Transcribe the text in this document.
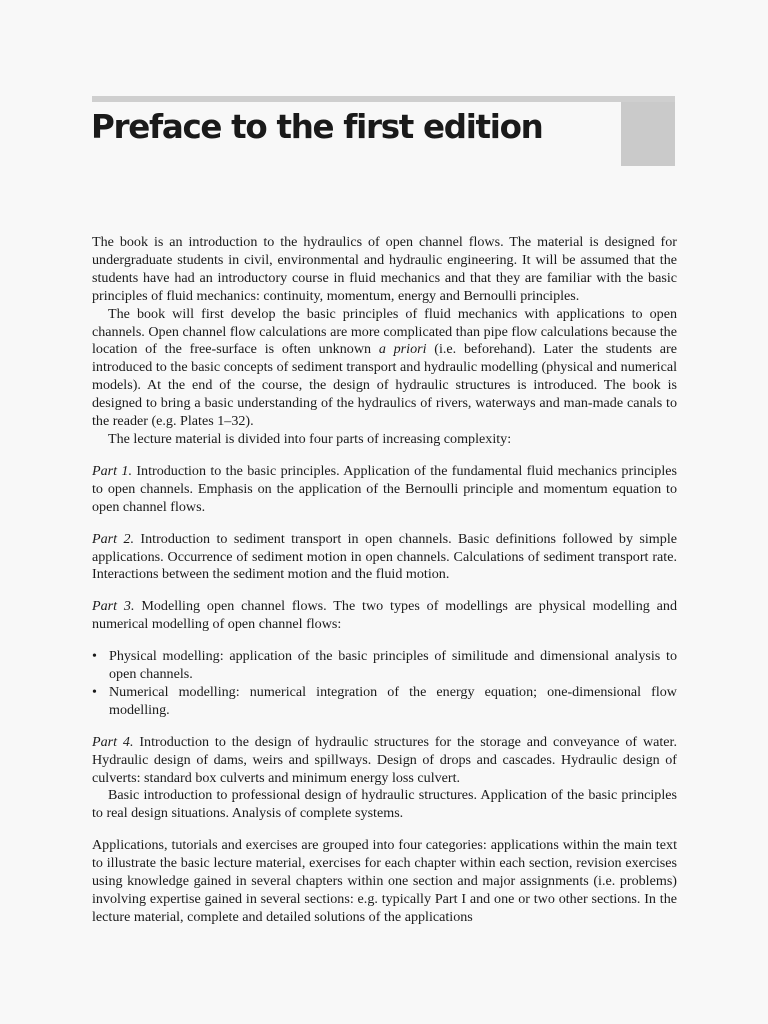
Preface to the first edition

The book is an introduction to the hydraulics of open channel flows. The material is designed for undergraduate students in civil, environmental and hydraulic engineering. It will be assumed that the students have had an introductory course in fluid mechanics and that they are familiar with the basic principles of fluid mechanics: continuity, momentum, energy and Bernoulli principles.

The book will first develop the basic principles of fluid mechanics with applications to open channels. Open channel flow calculations are more complicated than pipe flow calculations because the location of the free-surface is often unknown a priori (i.e. beforehand). Later the students are introduced to the basic concepts of sediment transport and hydraulic modelling (physical and numerical models). At the end of the course, the design of hydraulic structures is introduced. The book is designed to bring a basic understanding of the hydraulics of rivers, waterways and man-made canals to the reader (e.g. Plates 1–32).

The lecture material is divided into four parts of increasing complexity:

Part 1. Introduction to the basic principles. Application of the fundamental fluid mechanics principles to open channels. Emphasis on the application of the Bernoulli principle and momentum equation to open channel flows.

Part 2. Introduction to sediment transport in open channels. Basic definitions followed by simple applications. Occurrence of sediment motion in open channels. Calculations of sediment transport rate. Interactions between the sediment motion and the fluid motion.

Part 3. Modelling open channel flows. The two types of modellings are physical modelling and numerical modelling of open channel flows:

• Physical modelling: application of the basic principles of similitude and dimensional analysis to open channels.
• Numerical modelling: numerical integration of the energy equation; one-dimensional flow modelling.

Part 4. Introduction to the design of hydraulic structures for the storage and conveyance of water. Hydraulic design of dams, weirs and spillways. Design of drops and cascades. Hydraulic design of culverts: standard box culverts and minimum energy loss culvert.

Basic introduction to professional design of hydraulic structures. Application of the basic principles to real design situations. Analysis of complete systems.

Applications, tutorials and exercises are grouped into four categories: applications within the main text to illustrate the basic lecture material, exercises for each chapter within each section, revision exercises using knowledge gained in several chapters within one section and major assignments (i.e. problems) involving expertise gained in several sections: e.g. typically Part I and one or two other sections. In the lecture material, complete and detailed solutions of the applications
